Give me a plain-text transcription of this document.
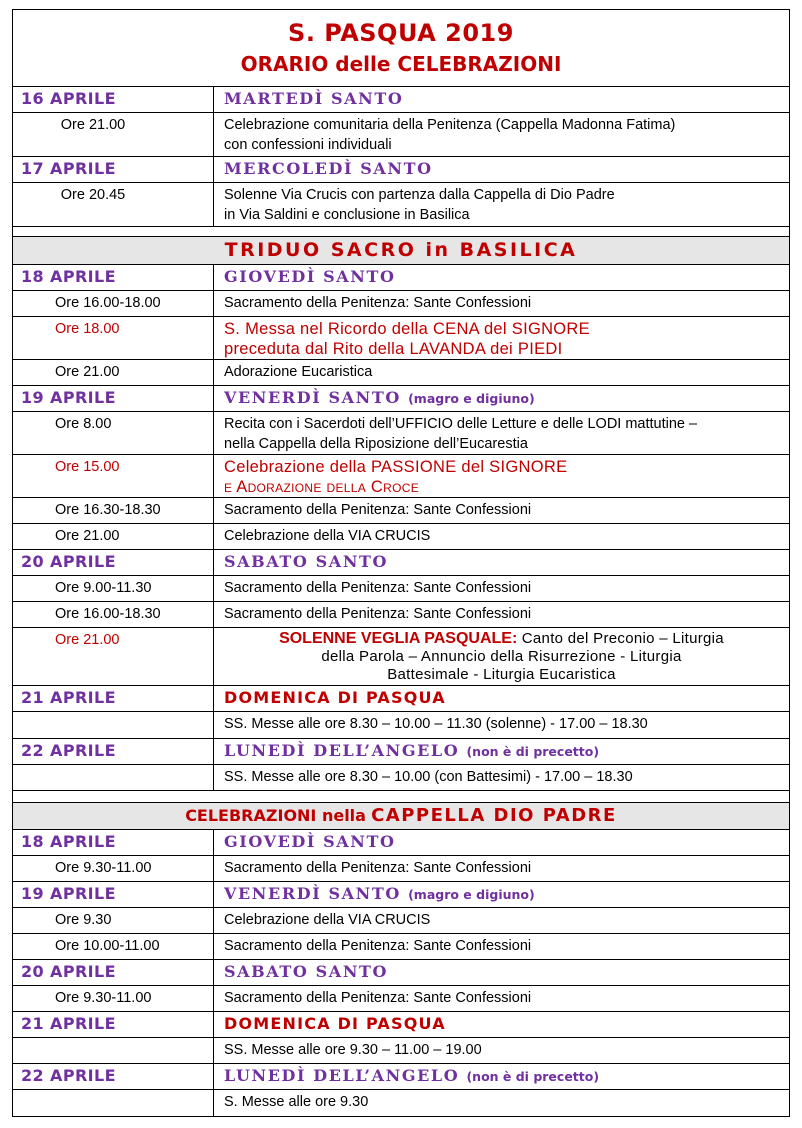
S. PASQUA 2019
ORARIO delle CELEBRAZIONI
16 APRILE	MARTEDÌ SANTO
Ore 21.00	Celebrazione comunitaria della Penitenza (Cappella Madonna Fatima)
con confessioni individuali

17 APRILE	MERCOLEDÌ SANTO
Ore 20.45	Solenne Via Crucis con partenza dalla Cappella di Dio Padre
in Via Saldini e conclusione in Basilica

TRIDUO SACRO in BASILICA	
18 APRILE	GIOVEDÌ SANTO
Ore 16.00-18.00	Sacramento della Penitenza: Sante Confessioni
Ore 18.00	S. Messa nel Ricordo della CENA del SIGNORE
preceduta dal Rito della LAVANDA dei PIEDI

Ore 21.00	Adorazione Eucaristica
19 APRILE	VENERDÌ SANTO (magro e digiuno)
Ore 8.00	Recita con i Sacerdoti dell’UFFICIO delle Letture e delle LODI mattutine –
nella Cappella della Riposizione dell’Eucarestia

Ore 15.00	Celebrazione della PASSIONE del SIGNORE
e Adorazione della Croce

Ore 16.30-18.30	Sacramento della Penitenza: Sante Confessioni
Ore 21.00	Celebrazione della VIA CRUCIS
20 APRILE	SABATO SANTO
Ore 9.00-11.30	Sacramento della Penitenza: Sante Confessioni
Ore 16.00-18.30	Sacramento della Penitenza: Sante Confessioni
Ore 21.00	SOLENNE VEGLIA PASQUALE: Canto del Preconio – Liturgia
della Parola – Annuncio della Risurrezione - Liturgia
Battesimale - Liturgia Eucaristica

21 APRILE	DOMENICA DI PASQUA
	SS. Messe alle ore 8.30 – 10.00 – 11.30 (solenne) - 17.00 – 18.30
22 APRILE	LUNEDÌ DELL’ANGELO (non è di precetto)
	SS. Messe alle ore 8.30 – 10.00 (con Battesimi) - 17.00 – 18.30

CELEBRAZIONI nella CAPPELLA DIO PADRE	
18 APRILE	GIOVEDÌ SANTO
Ore 9.30-11.00	Sacramento della Penitenza: Sante Confessioni
19 APRILE	VENERDÌ SANTO (magro e digiuno)
Ore 9.30	Celebrazione della VIA CRUCIS
Ore 10.00-11.00	Sacramento della Penitenza: Sante Confessioni
20 APRILE	SABATO SANTO
Ore 9.30-11.00	Sacramento della Penitenza: Sante Confessioni
21 APRILE	DOMENICA DI PASQUA
	SS. Messe alle ore 9.30 – 11.00 – 19.00
22 APRILE	LUNEDÌ DELL’ANGELO (non è di precetto)
	S. Messe alle ore 9.30
